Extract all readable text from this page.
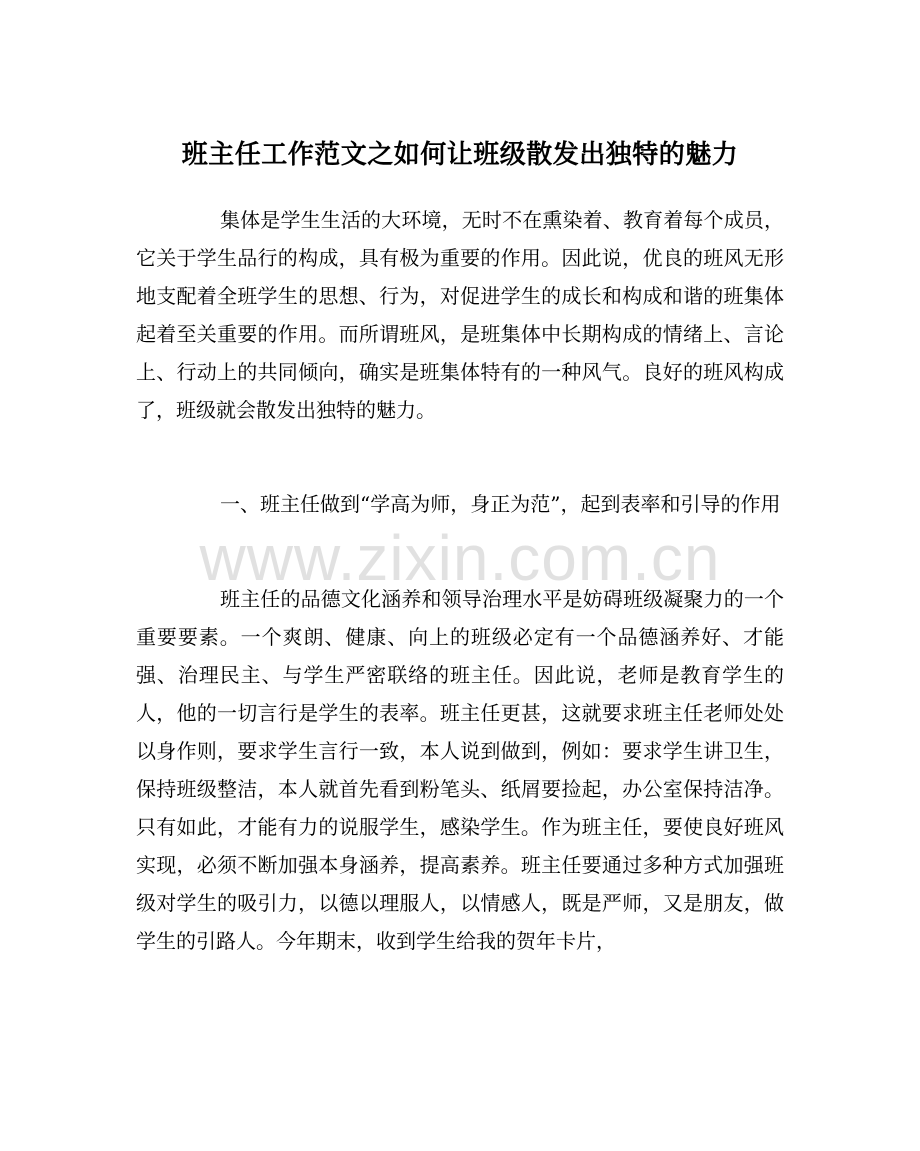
班主任工作范文之如何让班级散发出独特的魅力

集体是学生生活的大环境，无时不在熏染着、教育着每个成员，它关于学生品行的构成，具有极为重要的作用。因此说，优良的班风无形地支配着全班学生的思想、行为，对促进学生的成长和构成和谐的班集体起着至关重要的作用。而所谓班风，是班集体中长期构成的情绪上、言论上、行动上的共同倾向，确实是班集体特有的一种风气。良好的班风构成了，班级就会散发出独特的魅力。

一、班主任做到“学高为师，身正为范”，起到表率和引导的作用

班主任的品德文化涵养和领导治理水平是妨碍班级凝聚力的一个重要要素。一个爽朗、健康、向上的班级必定有一个品德涵养好、才能强、治理民主、与学生严密联络的班主任。因此说，老师是教育学生的人，他的一切言行是学生的表率。班主任更甚，这就要求班主任老师处处以身作则，要求学生言行一致，本人说到做到，例如：要求学生讲卫生，保持班级整洁，本人就首先看到粉笔头、纸屑要捡起，办公室保持洁净。只有如此，才能有力的说服学生，感染学生。作为班主任，要使良好班风实现，必须不断加强本身涵养，提高素养。班主任要通过多种方式加强班级对学生的吸引力，以德以理服人，以情感人，既是严师，又是朋友，做学生的引路人。今年期末，收到学生给我的贺年卡片，

www.zixin.com.cn
